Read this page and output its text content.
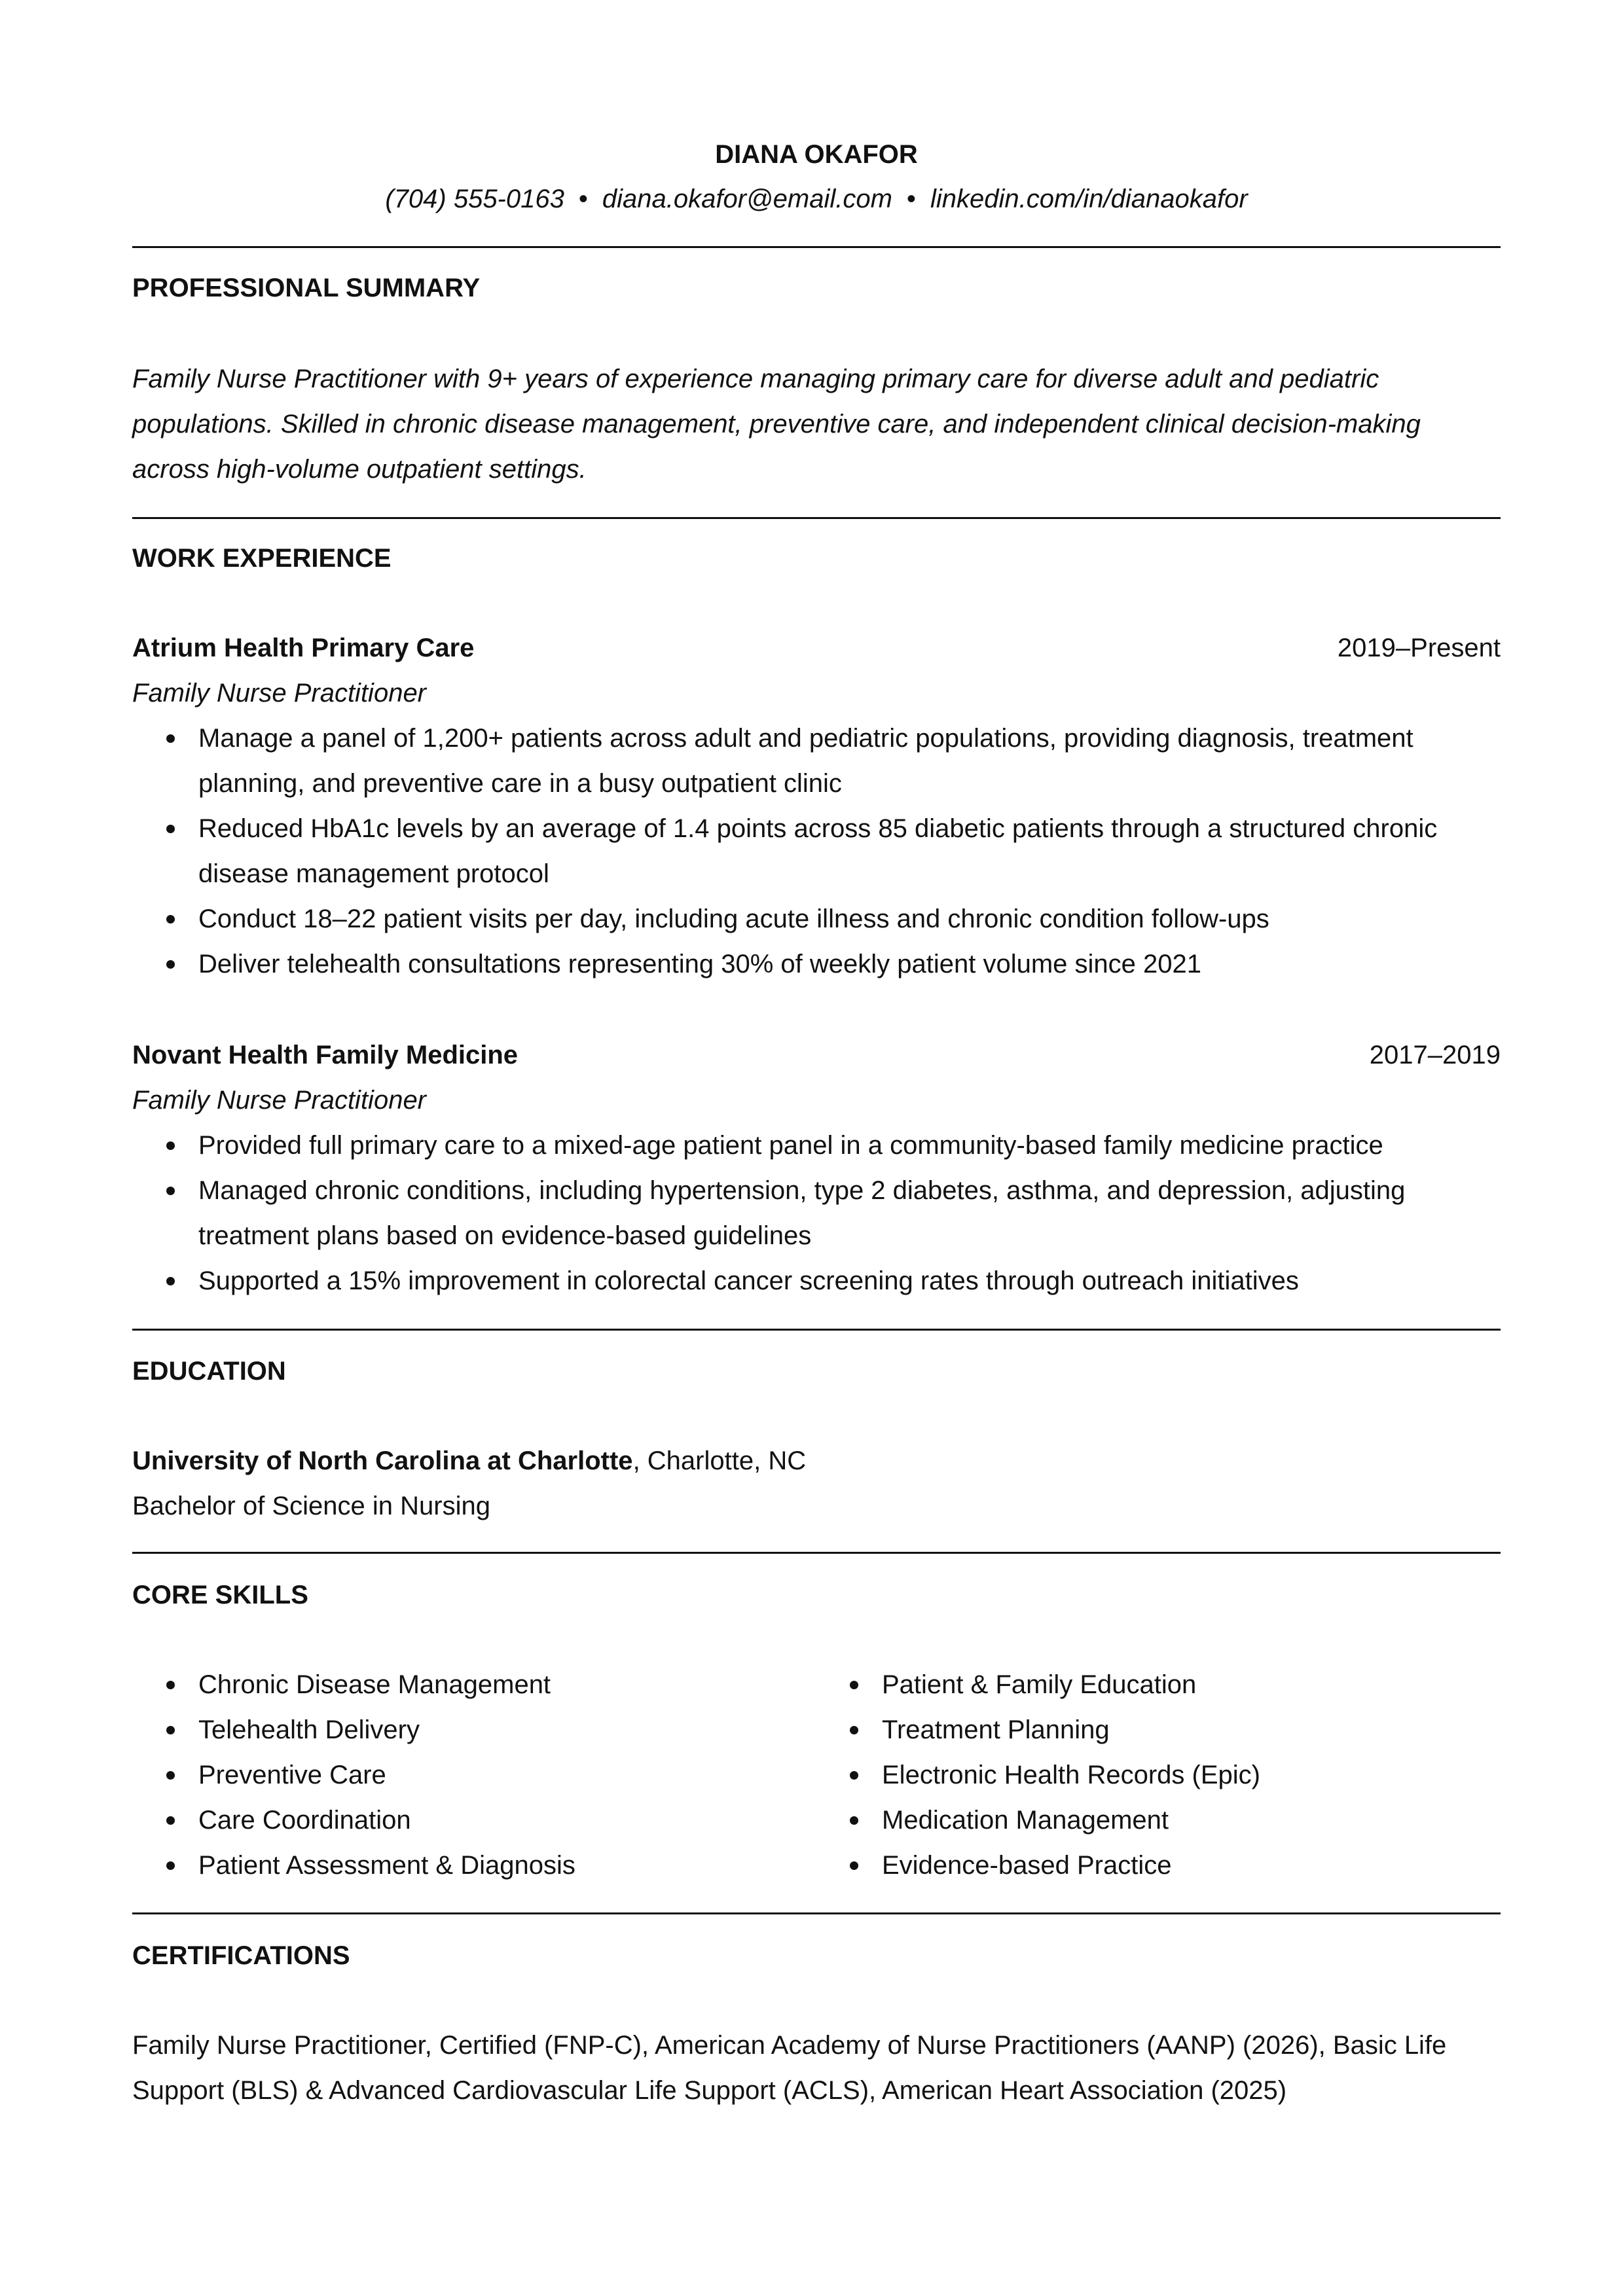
DIANA OKAFOR
(704) 555-0163 • diana.okafor@email.com • linkedin.com/in/dianaokafor
PROFESSIONAL SUMMARY
Family Nurse Practitioner with 9+ years of experience managing primary care for diverse adult and pediatric populations. Skilled in chronic disease management, preventive care, and independent clinical decision-making across high-volume outpatient settings.
WORK EXPERIENCE
Atrium Health Primary Care	2019–Present
Family Nurse Practitioner
Manage a panel of 1,200+ patients across adult and pediatric populations, providing diagnosis, treatment planning, and preventive care in a busy outpatient clinic
Reduced HbA1c levels by an average of 1.4 points across 85 diabetic patients through a structured chronic disease management protocol
Conduct 18–22 patient visits per day, including acute illness and chronic condition follow-ups
Deliver telehealth consultations representing 30% of weekly patient volume since 2021
Novant Health Family Medicine	2017–2019
Family Nurse Practitioner
Provided full primary care to a mixed-age patient panel in a community-based family medicine practice
Managed chronic conditions, including hypertension, type 2 diabetes, asthma, and depression, adjusting treatment plans based on evidence-based guidelines
Supported a 15% improvement in colorectal cancer screening rates through outreach initiatives
EDUCATION
University of North Carolina at Charlotte, Charlotte, NC
Bachelor of Science in Nursing
CORE SKILLS
Chronic Disease Management
Telehealth Delivery
Preventive Care
Care Coordination
Patient Assessment & Diagnosis
Patient & Family Education
Treatment Planning
Electronic Health Records (Epic)
Medication Management
Evidence-based Practice
CERTIFICATIONS
Family Nurse Practitioner, Certified (FNP-C), American Academy of Nurse Practitioners (AANP) (2026), Basic Life Support (BLS) & Advanced Cardiovascular Life Support (ACLS), American Heart Association (2025)
